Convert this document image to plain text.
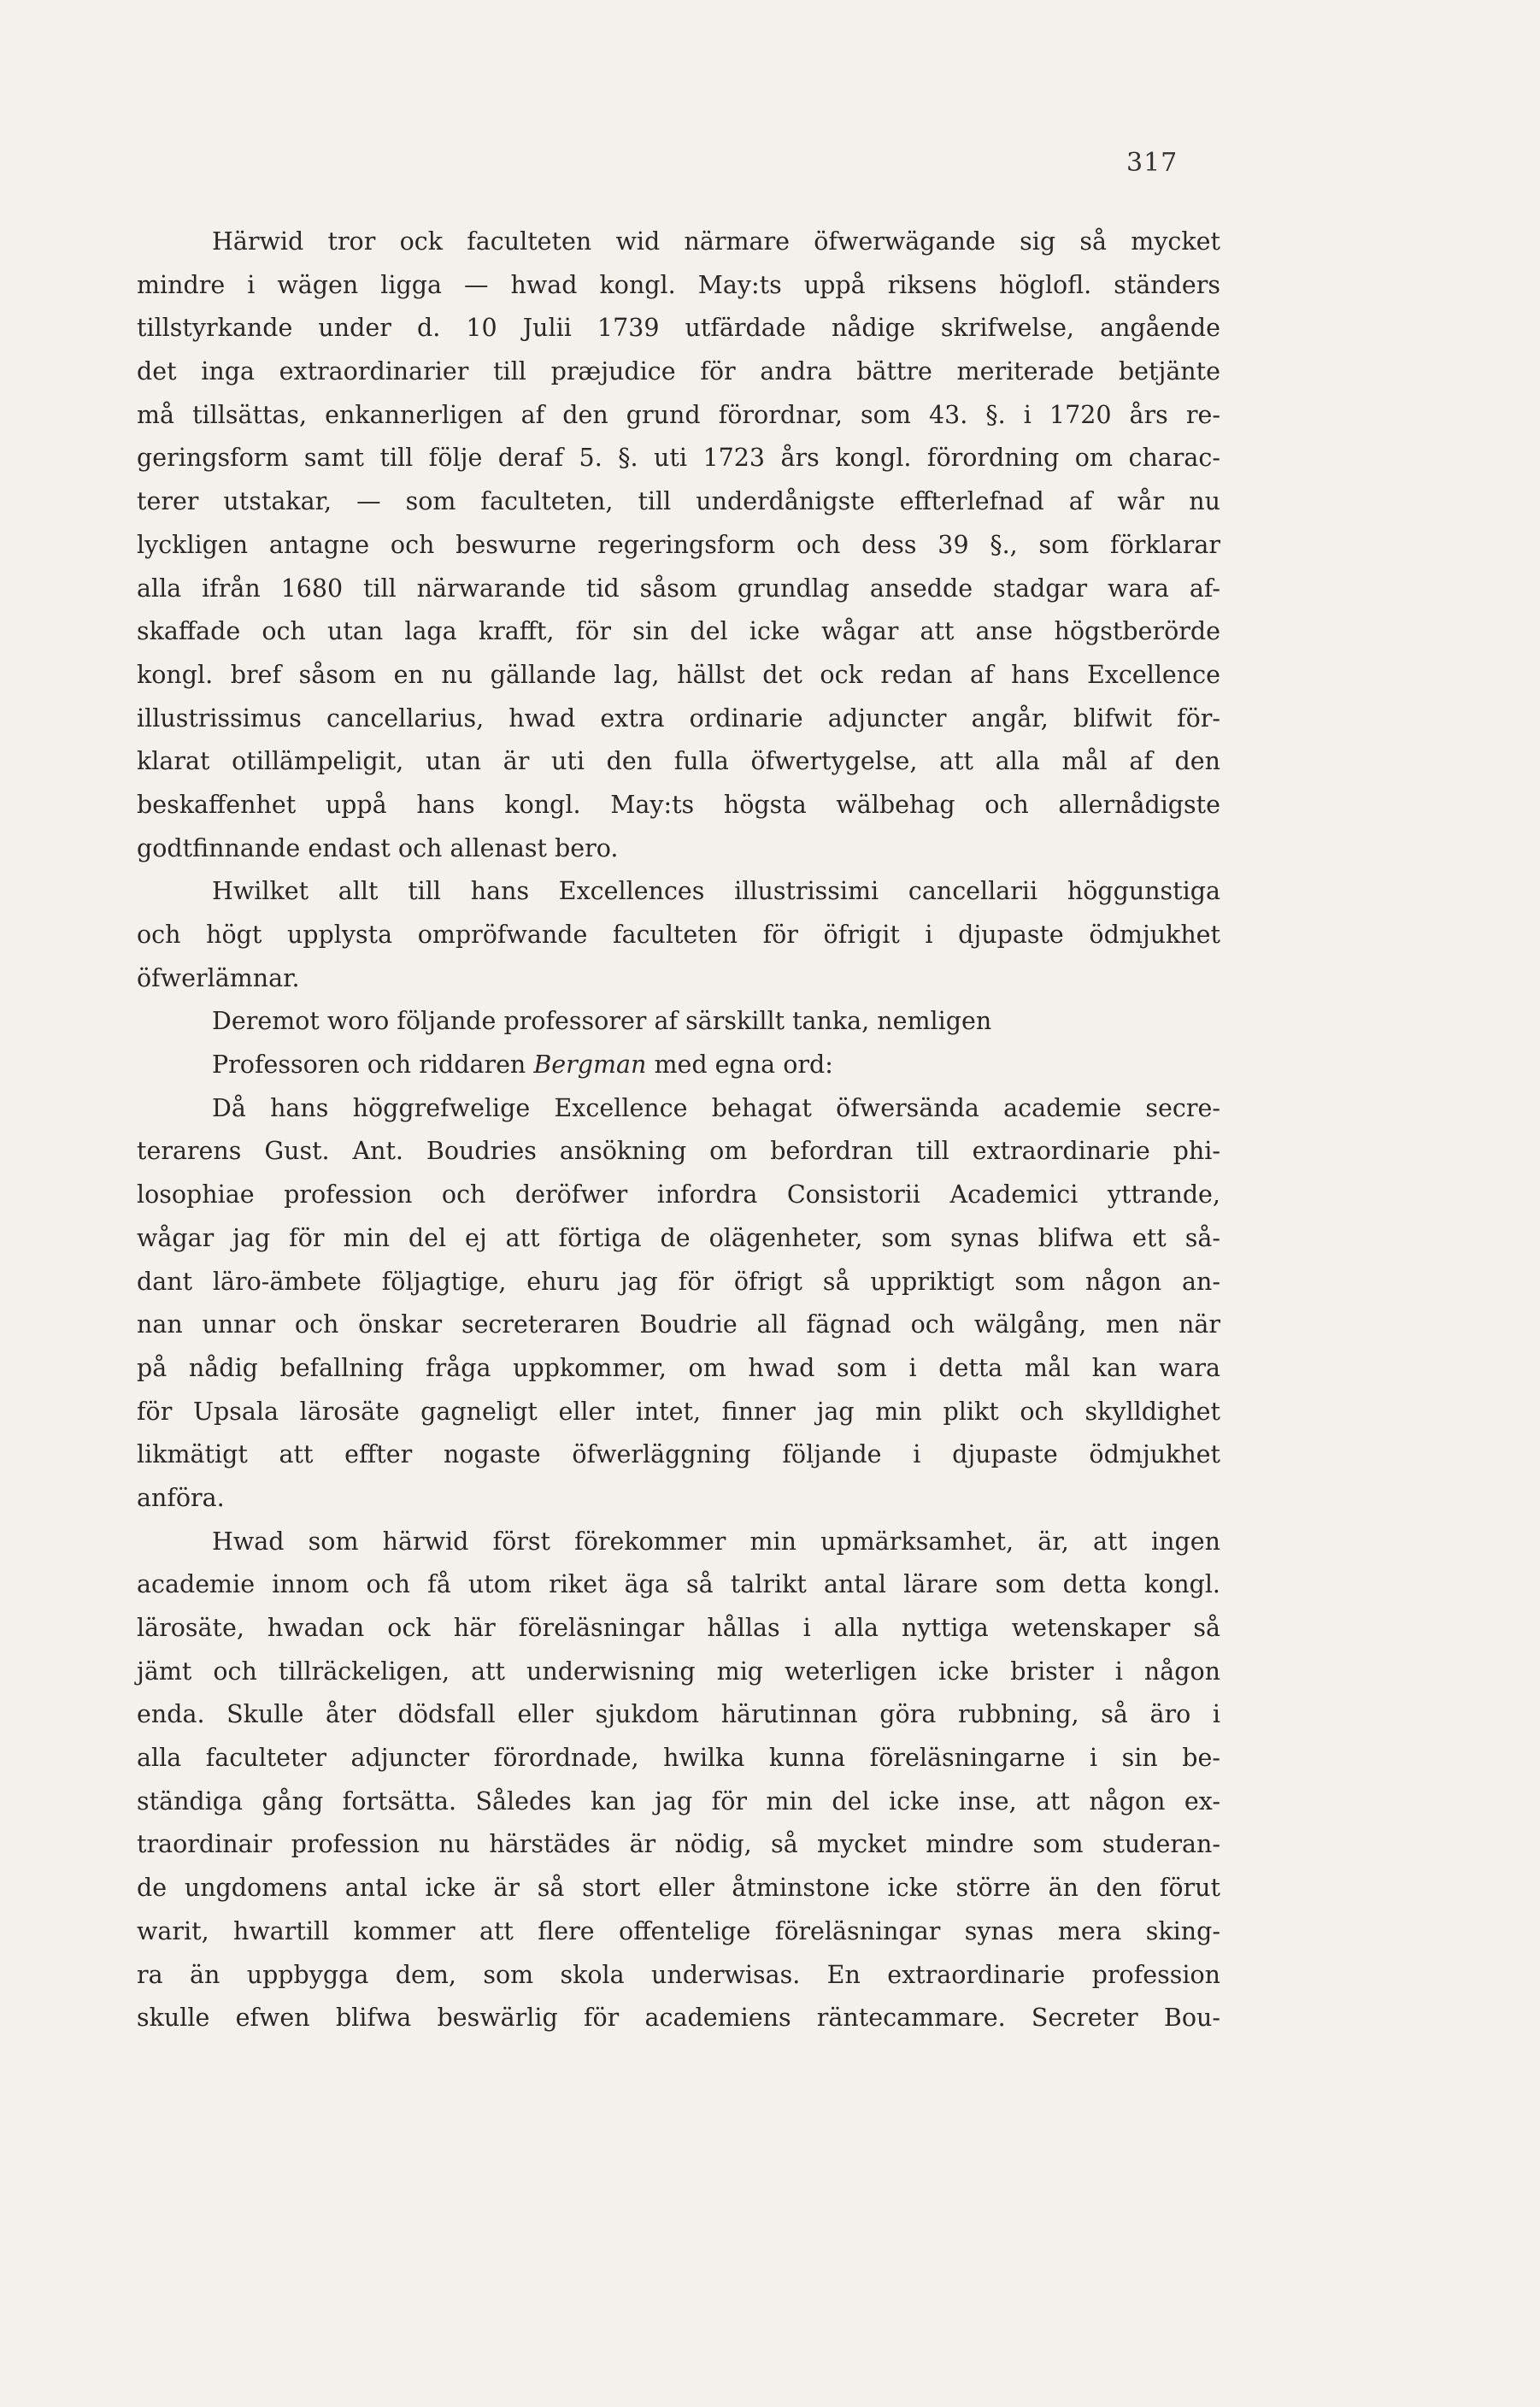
317
Härwid tror ock faculteten wid närmare öfwerwägande sig så mycket
mindre i wägen ligga — hwad kongl. May:ts uppå riksens höglofl. ständers
tillstyrkande under d. 10 Julii 1739 utfärdade nådige skrifwelse, angående
det inga extraordinarier till præjudice för andra bättre meriterade betjänte
må tillsättas, enkannerligen af den grund förordnar, som 43. §. i 1720 års re-
geringsform samt till följe deraf 5. §. uti 1723 års kongl. förordning om charac-
terer utstakar, — som faculteten, till underdånigste effterlefnad af wår nu
lyckligen antagne och beswurne regeringsform och dess 39 §., som förklarar
alla ifrån 1680 till närwarande tid såsom grundlag ansedde stadgar wara af-
skaffade och utan laga krafft, för sin del icke wågar att anse högstberörde
kongl. bref såsom en nu gällande lag, hällst det ock redan af hans Excellence
illustrissimus cancellarius, hwad extra ordinarie adjuncter angår, blifwit för-
klarat otillämpeligit, utan är uti den fulla öfwertygelse, att alla mål af den
beskaffenhet uppå hans kongl. May:ts högsta wälbehag och allernådigste
godtfinnande endast och allenast bero.
Hwilket allt till hans Excellences illustrissimi cancellarii höggunstiga
och högt upplysta ompröfwande faculteten för öfrigit i djupaste ödmjukhet
öfwerlämnar.
Deremot woro följande professorer af särskillt tanka, nemligen
Professoren och riddaren Bergman med egna ord:
Då hans höggrefwelige Excellence behagat öfwersända academie secre-
terarens Gust. Ant. Boudries ansökning om befordran till extraordinarie phi-
losophiae profession och deröfwer infordra Consistorii Academici yttrande,
wågar jag för min del ej att förtiga de olägenheter, som synas blifwa ett så-
dant läro-ämbete följagtige, ehuru jag för öfrigt så uppriktigt som någon an-
nan unnar och önskar secreteraren Boudrie all fägnad och wälgång, men när
på nådig befallning fråga uppkommer, om hwad som i detta mål kan wara
för Upsala lärosäte gagneligt eller intet, finner jag min plikt och skylldighet
likmätigt att effter nogaste öfwerläggning följande i djupaste ödmjukhet
anföra.
Hwad som härwid först förekommer min upmärksamhet, är, att ingen
academie innom och få utom riket äga så talrikt antal lärare som detta kongl.
lärosäte, hwadan ock här föreläsningar hållas i alla nyttiga wetenskaper så
jämt och tillräckeligen, att underwisning mig weterligen icke brister i någon
enda. Skulle åter dödsfall eller sjukdom härutinnan göra rubbning, så äro i
alla faculteter adjuncter förordnade, hwilka kunna föreläsningarne i sin be-
ständiga gång fortsätta. Således kan jag för min del icke inse, att någon ex-
traordinair profession nu härstädes är nödig, så mycket mindre som studeran-
de ungdomens antal icke är så stort eller åtminstone icke större än den förut
warit, hwartill kommer att flere offentelige föreläsningar synas mera sking-
ra än uppbygga dem, som skola underwisas. En extraordinarie profession
skulle efwen blifwa beswärlig för academiens räntecammare. Secreter Bou-
